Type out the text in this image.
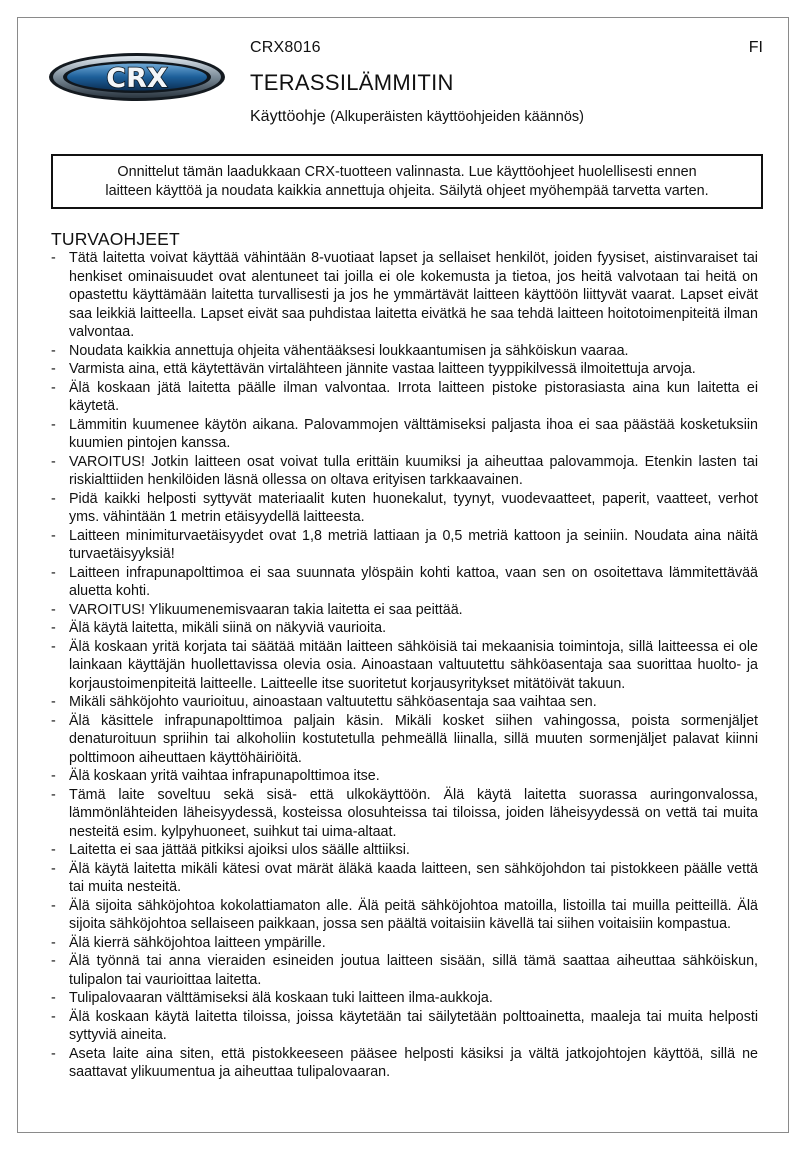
CRX
CRX8016	FI
TERASSILÄMMITIN
Käyttöohje (Alkuperäisten käyttöohjeiden käännös)
Onnittelut tämän laadukkaan CRX-tuotteen valinnasta. Lue käyttöohjeet huolellisesti ennen
laitteen käyttöä ja noudata kaikkia annettuja ohjeita. Säilytä ohjeet myöhempää tarvetta varten.
TURVAOHJEET
- Tätä laitetta voivat käyttää vähintään 8-vuotiaat lapset ja sellaiset henkilöt, joiden fyysiset, aistinvaraiset tai henkiset ominaisuudet ovat alentuneet tai joilla ei ole kokemusta ja tietoa, jos heitä valvotaan tai heitä on opastettu käyttämään laitetta turvallisesti ja jos he ymmärtävät laitteen käyttöön liittyvät vaarat. Lapset eivät saa leikkiä laitteella. Lapset eivät saa puhdistaa laitetta eivätkä he saa tehdä laitteen hoitotoimenpiteitä ilman valvontaa.
- Noudata kaikkia annettuja ohjeita vähentääksesi loukkaantumisen ja sähköiskun vaaraa.
- Varmista aina, että käytettävän virtalähteen jännite vastaa laitteen tyyppikilvessä ilmoitettuja arvoja.
- Älä koskaan jätä laitetta päälle ilman valvontaa. Irrota laitteen pistoke pistorasiasta aina kun laitetta ei käytetä.
- Lämmitin kuumenee käytön aikana. Palovammojen välttämiseksi paljasta ihoa ei saa päästää kosketuksiin kuumien pintojen kanssa.
- VAROITUS! Jotkin laitteen osat voivat tulla erittäin kuumiksi ja aiheuttaa palovammoja. Etenkin lasten tai riskialttiiden henkilöiden läsnä ollessa on oltava erityisen tarkkaavainen.
- Pidä kaikki helposti syttyvät materiaalit kuten huonekalut, tyynyt, vuodevaatteet, paperit, vaatteet, verhot yms. vähintään 1 metrin etäisyydellä laitteesta.
- Laitteen minimiturvaetäisyydet ovat 1,8 metriä lattiaan ja 0,5 metriä kattoon ja seiniin. Noudata aina näitä turvaetäisyyksiä!
- Laitteen infrapunapolttimoa ei saa suunnata ylöspäin kohti kattoa, vaan sen on osoitettava lämmitettävää aluetta kohti.
- VAROITUS! Ylikuumenemisvaaran takia laitetta ei saa peittää.
- Älä käytä laitetta, mikäli siinä on näkyviä vaurioita.
- Älä koskaan yritä korjata tai säätää mitään laitteen sähköisiä tai mekaanisia toimintoja, sillä laitteessa ei ole lainkaan käyttäjän huollettavissa olevia osia. Ainoastaan valtuutettu sähköasentaja saa suorittaa huolto- ja korjaustoimenpiteitä laitteelle. Laitteelle itse suoritetut korjausyritykset mitätöivät takuun.
- Mikäli sähköjohto vaurioituu, ainoastaan valtuutettu sähköasentaja saa vaihtaa sen.
- Älä käsittele infrapunapolttimoa paljain käsin. Mikäli kosket siihen vahingossa, poista sormenjäljet denaturoituun spriihin tai alkoholiin kostutetulla pehmeällä liinalla, sillä muuten sormenjäljet palavat kiinni polttimoon aiheuttaen käyttöhäiriöitä.
- Älä koskaan yritä vaihtaa infrapunapolttimoa itse.
- Tämä laite soveltuu sekä sisä- että ulkokäyttöön. Älä käytä laitetta suorassa auringonvalossa, lämmönlähteiden läheisyydessä, kosteissa olosuhteissa tai tiloissa, joiden läheisyydessä on vettä tai muita nesteitä esim. kylpyhuoneet, suihkut tai uima-altaat.
- Laitetta ei saa jättää pitkiksi ajoiksi ulos säälle alttiiksi.
- Älä käytä laitetta mikäli kätesi ovat märät äläkä kaada laitteen, sen sähköjohdon tai pistokkeen päälle vettä tai muita nesteitä.
- Älä sijoita sähköjohtoa kokolattiamaton alle. Älä peitä sähköjohtoa matoilla, listoilla tai muilla peitteillä. Älä sijoita sähköjohtoa sellaiseen paikkaan, jossa sen päältä voitaisiin kävellä tai siihen voitaisiin kompastua.
- Älä kierrä sähköjohtoa laitteen ympärille.
- Älä työnnä tai anna vieraiden esineiden joutua laitteen sisään, sillä tämä saattaa aiheuttaa sähköiskun, tulipalon tai vaurioittaa laitetta.
- Tulipalovaaran välttämiseksi älä koskaan tuki laitteen ilma-aukkoja.
- Älä koskaan käytä laitetta tiloissa, joissa käytetään tai säilytetään polttoainetta, maaleja tai muita helposti syttyviä aineita.
- Aseta laite aina siten, että pistokkeeseen pääsee helposti käsiksi ja vältä jatkojohtojen käyttöä, sillä ne saattavat ylikuumentua ja aiheuttaa tulipalovaaran.
